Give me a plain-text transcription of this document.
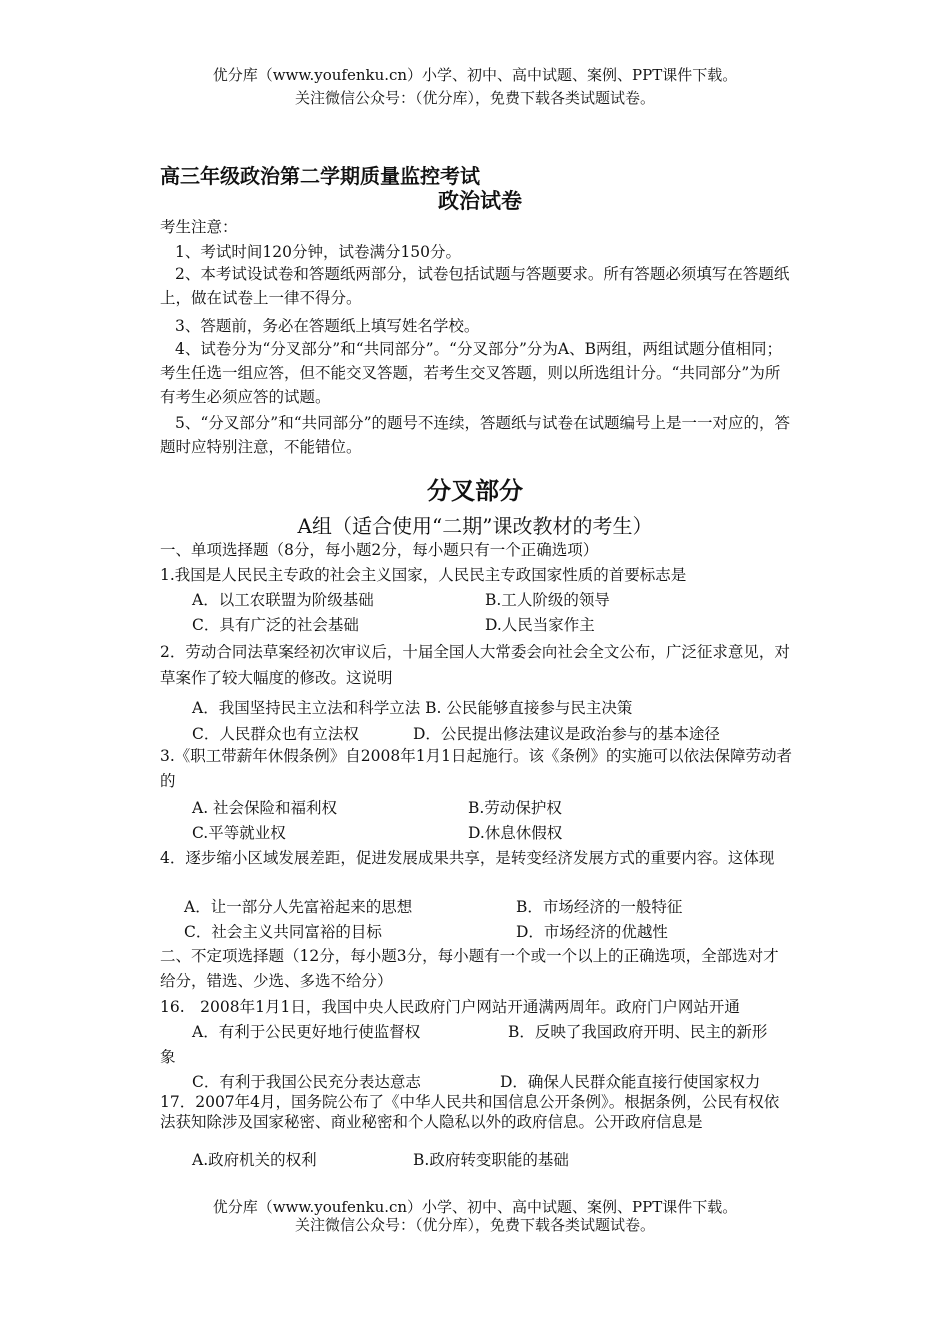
优分库（www.youfenku.cn）小学、初中、高中试题、案例、PPT课件下载。
关注微信公众号：（优分库），免费下载各类试题试卷。
高三年级政治第二学期质量监控考试
政治试卷
考生注意：
1、考试时间120分钟，试卷满分150分。
2、本考试设试卷和答题纸两部分，试卷包括试题与答题要求。所有答题必须填写在答题纸上，做在试卷上一律不得分。
3、答题前，务必在答题纸上填写姓名学校。
4、试卷分为“分叉部分”和“共同部分”。“分叉部分”分为A、B两组，两组试题分值相同；考生任选一组应答，但不能交叉答题，若考生交叉答题，则以所选组计分。“共同部分”为所有考生必须应答的试题。
5、“分叉部分”和“共同部分”的题号不连续，答题纸与试卷在试题编号上是一一对应的，答题时应特别注意，不能错位。
分叉部分
A组（适合使用“二期”课改教材的考生）
一、单项选择题（8分，每小题2分，每小题只有一个正确选项）
1.我国是人民民主专政的社会主义国家，人民民主专政国家性质的首要标志是
A．以工农联盟为阶级基础	B.工人阶级的领导
C．具有广泛的社会基础	D.人民当家作主
2．劳动合同法草案经初次审议后，十届全国人大常委会向社会全文公布，广泛征求意见，对草案作了较大幅度的修改。这说明
A．我国坚持民主立法和科学立法 B. 公民能够直接参与民主决策
C．人民群众也有立法权	D．公民提出修法建议是政治参与的基本途径
3.《职工带薪年休假条例》自2008年1月1日起施行。该《条例》的实施可以依法保障劳动者的
A. 社会保险和福利权	B.劳动保护权
C.平等就业权	D.休息休假权
4．逐步缩小区域发展差距，促进发展成果共享，是转变经济发展方式的重要内容。这体现
A．让一部分人先富裕起来的思想	B．市场经济的一般特征
C．社会主义共同富裕的目标	D．市场经济的优越性
二、不定项选择题（12分，每小题3分，每小题有一个或一个以上的正确选项，全部选对才给分，错选、少选、多选不给分）
16.　2008年1月1日，我国中央人民政府门户网站开通满两周年。政府门户网站开通
A．有利于公民更好地行使监督权	B．反映了我国政府开明、民主的新形
象
C．有利于我国公民充分表达意志	D．确保人民群众能直接行使国家权力
17．2007年4月，国务院公布了《中华人民共和国信息公开条例》。根据条例，公民有权依法获知除涉及国家秘密、商业秘密和个人隐私以外的政府信息。公开政府信息是
A.政府机关的权利	B.政府转变职能的基础
优分库（www.youfenku.cn）小学、初中、高中试题、案例、PPT课件下载。
关注微信公众号：（优分库），免费下载各类试题试卷。
